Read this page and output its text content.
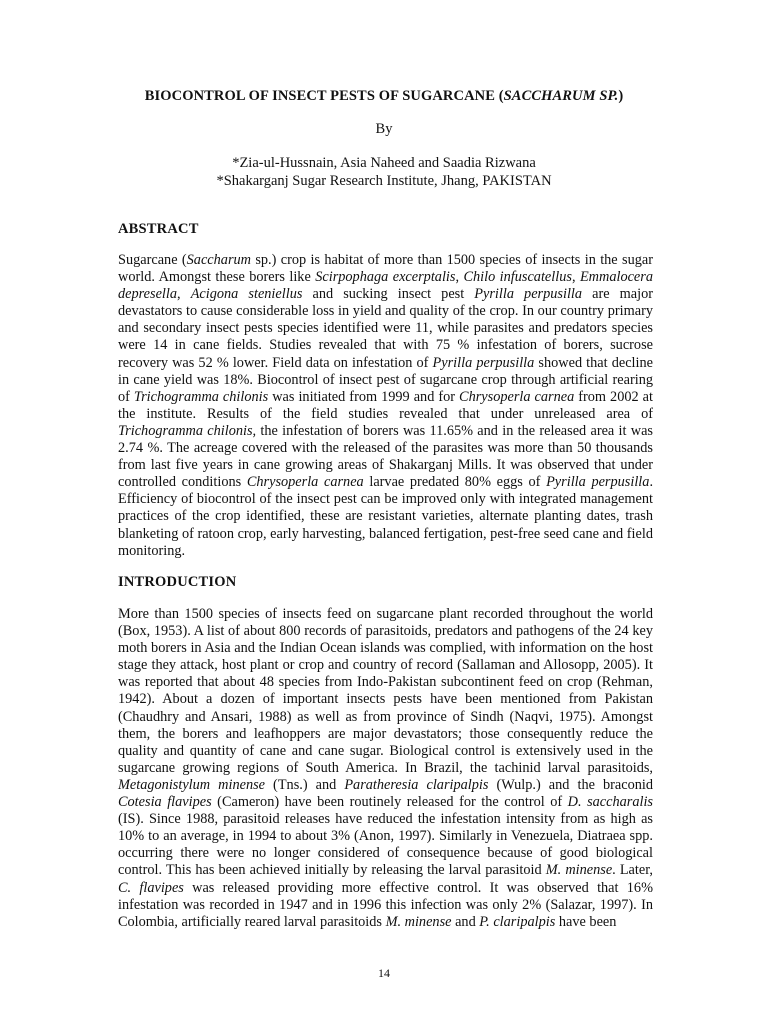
BIOCONTROL OF INSECT PESTS OF SUGARCANE (SACCHARUM SP.)
By
*Zia-ul-Hussnain, Asia Naheed and Saadia Rizwana
*Shakarganj Sugar Research Institute, Jhang, PAKISTAN
ABSTRACT
Sugarcane (Saccharum sp.) crop is habitat of more than 1500 species of insects in the sugar world. Amongst these borers like Scirpophaga excerptalis, Chilo infuscatellus, Emmalocera depresella, Acigona steniellus and sucking insect pest Pyrilla perpusilla are major devastators to cause considerable loss in yield and quality of the crop. In our country primary and secondary insect pests species identified were 11, while parasites and predators species were 14 in cane fields. Studies revealed that with 75 % infestation of borers, sucrose recovery was 52 % lower. Field data on infestation of Pyrilla perpusilla showed that decline in cane yield was 18%. Biocontrol of insect pest of sugarcane crop through artificial rearing of Trichogramma chilonis was initiated from 1999 and for Chrysoperla carnea from 2002 at the institute. Results of the field studies revealed that under unreleased area of Trichogramma chilonis, the infestation of borers was 11.65% and in the released area it was 2.74 %. The acreage covered with the released of the parasites was more than 50 thousands from last five years in cane growing areas of Shakarganj Mills. It was observed that under controlled conditions Chrysoperla carnea larvae predated 80% eggs of Pyrilla perpusilla. Efficiency of biocontrol of the insect pest can be improved only with integrated management practices of the crop identified, these are resistant varieties, alternate planting dates, trash blanketing of ratoon crop, early harvesting, balanced fertigation, pest-free seed cane and field monitoring.
INTRODUCTION
More than 1500 species of insects feed on sugarcane plant recorded throughout the world (Box, 1953). A list of about 800 records of parasitoids, predators and pathogens of the 24 key moth borers in Asia and the Indian Ocean islands was complied, with information on the host stage they attack, host plant or crop and country of record (Sallaman and Allosopp, 2005). It was reported that about 48 species from Indo-Pakistan subcontinent feed on crop (Rehman, 1942). About a dozen of important insects pests have been mentioned from Pakistan (Chaudhry and Ansari, 1988) as well as from province of Sindh (Naqvi, 1975). Amongst them, the borers and leafhoppers are major devastators; those consequently reduce the quality and quantity of cane and cane sugar. Biological control is extensively used in the sugarcane growing regions of South America. In Brazil, the tachinid larval parasitoids, Metagonistylum minense (Tns.) and Paratheresia claripalpis (Wulp.) and the braconid Cotesia flavipes (Cameron) have been routinely released for the control of D. saccharalis (IS). Since 1988, parasitoid releases have reduced the infestation intensity from as high as 10% to an average, in 1994 to about 3% (Anon, 1997). Similarly in Venezuela, Diatraea spp. occurring there were no longer considered of consequence because of good biological control. This has been achieved initially by releasing the larval parasitoid M. minense. Later, C. flavipes was released providing more effective control. It was observed that 16% infestation was recorded in 1947 and in 1996 this infection was only 2% (Salazar, 1997). In Colombia, artificially reared larval parasitoids M. minense and P. claripalpis have been
14
